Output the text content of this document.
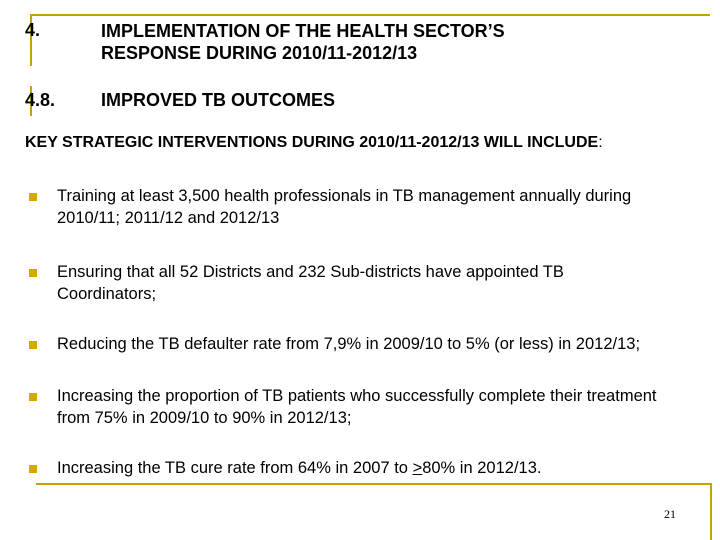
4.	IMPLEMENTATION OF THE HEALTH SECTOR’S
RESPONSE DURING 2010/11-2012/13
4.8.	IMPROVED TB OUTCOMES
KEY STRATEGIC INTERVENTIONS DURING 2010/11-2012/13 WILL INCLUDE:
Training at least 3,500 health professionals in TB management annually during
2010/11; 2011/12 and 2012/13
Ensuring that all 52 Districts and 232 Sub-districts have appointed TB
Coordinators;
Reducing the TB defaulter rate from 7,9% in 2009/10 to 5% (or less) in 2012/13;
Increasing the proportion of TB patients who successfully complete their treatment
from 75% in 2009/10 to 90% in 2012/13;
Increasing the TB cure rate from 64% in 2007 to ≥80% in 2012/13.
21
